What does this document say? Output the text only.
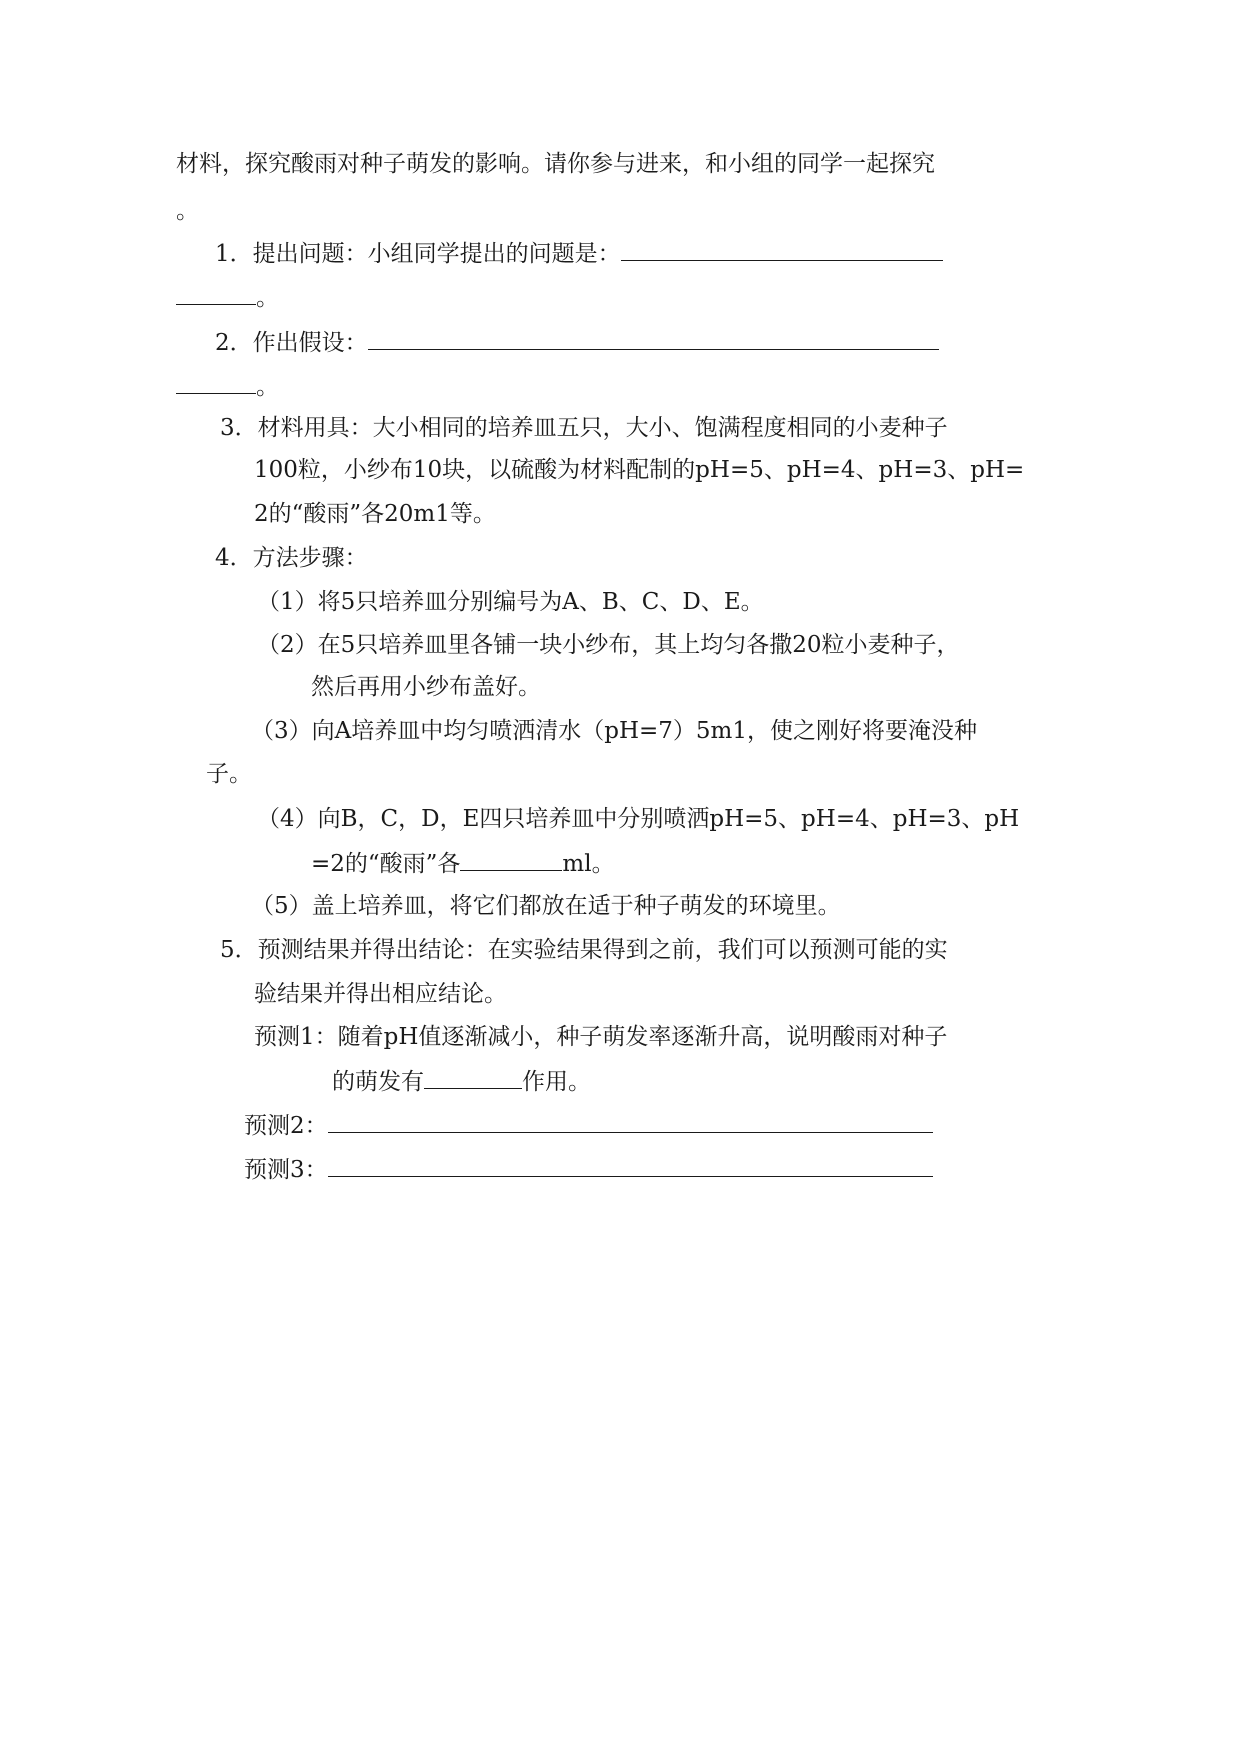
材料，探究酸雨对种子萌发的影响。请你参与进来，和小组的同学一起探究
。
1．提出问题：小组同学提出的问题是：
。
2．作出假设：
。
3．材料用具：大小相同的培养皿五只，大小、饱满程度相同的小麦种子
100粒，小纱布10块，以硫酸为材料配制的pH=5、pH=4、pH=3、pH=
2的“酸雨”各20m1等。
4．方法步骤：
（1）将5只培养皿分别编号为A、B、C、D、E。
（2）在5只培养皿里各铺一块小纱布，其上均匀各撒20粒小麦种子，
然后再用小纱布盖好。
（3）向A培养皿中均匀喷洒清水（pH=7）5m1，使之刚好将要淹没种
子。
（4）向B，C，D，E四只培养皿中分别喷洒pH=5、pH=4、pH=3、pH
=2的“酸雨”各	ml。
（5）盖上培养皿，将它们都放在适于种子萌发的环境里。
5．预测结果并得出结论：在实验结果得到之前，我们可以预测可能的实
验结果并得出相应结论。
预测1：随着pH值逐渐减小，种子萌发率逐渐升高，说明酸雨对种子
的萌发有	作用。
预测2：
预测3：
